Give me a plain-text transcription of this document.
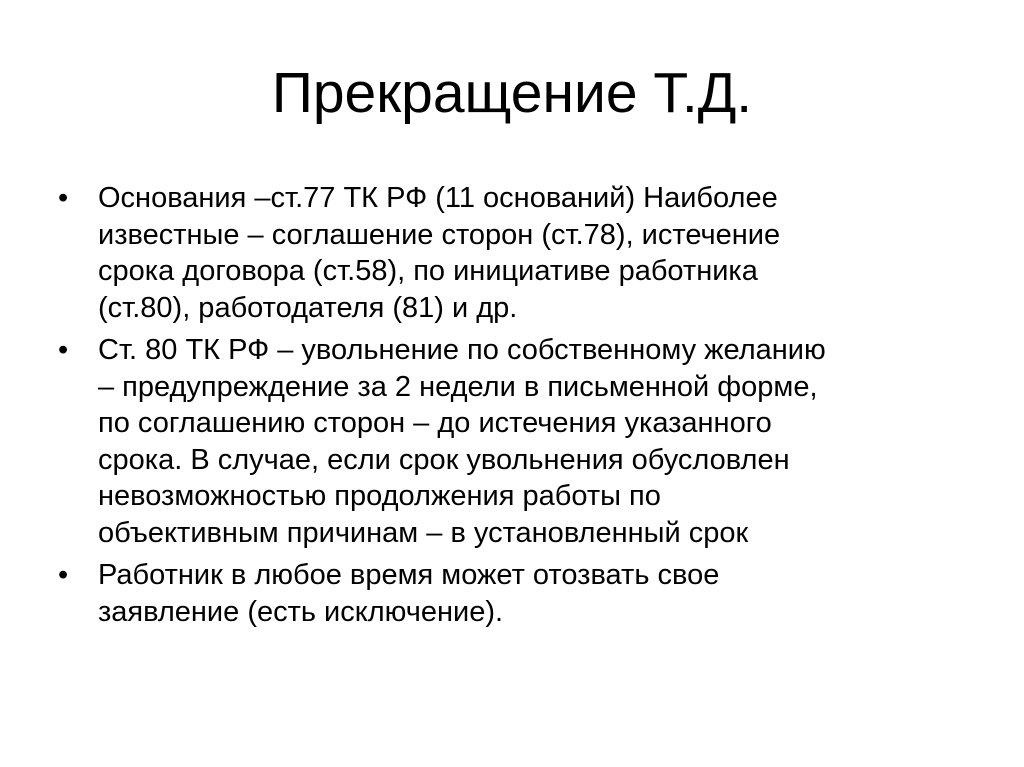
Прекращение Т.Д.
•	Основания –ст.77 ТК РФ (11 оснований) Наиболее
известные – соглашение сторон (ст.78), истечение
срока договора (ст.58), по инициативе работника
(ст.80), работодателя (81) и др.
•	Ст. 80 ТК РФ – увольнение по собственному желанию
– предупреждение за 2 недели в письменной форме,
по соглашению сторон – до истечения указанного
срока. В случае, если срок увольнения обусловлен
невозможностью продолжения работы по
объективным причинам – в установленный срок
•	Работник в любое время может отозвать свое
заявление (есть исключение).
